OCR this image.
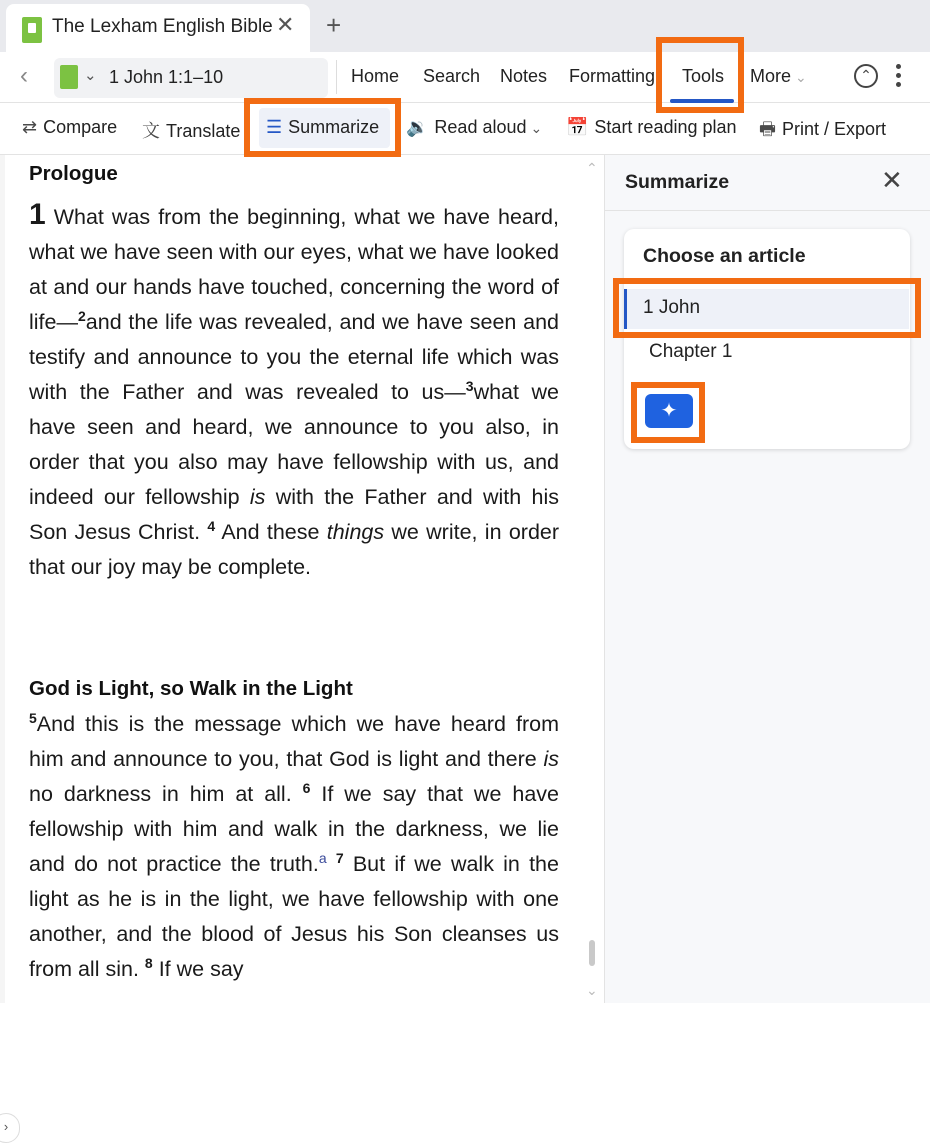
The Lexham English Bible ✕ +
‹	⌄ 1 John 1:1–10	Home Search Notes Formatting Tools More ⌄	⌃
⇄ Compare 文 Translate ☰ Summarize 🔉 Read aloud ⌄ 📅 Start reading plan 🖶 Print / Export
Prologue
1 What was from the beginning, what we have heard, what we have seen with our eyes, what we have looked at and our hands have touched, concerning the word of life—$^2$and the life was revealed, and we have seen and testify and announce to you the eternal life which was with the Father and was revealed to us—$^3$what we have seen and heard, we announce to you also, in order that you also may have fellowship with us, and indeed our fellowship is with the Father and with his Son Jesus Christ. $^4$ And these things we write, in order that our joy may be complete.
God is Light, so Walk in the Light
$^5$And this is the message which we have heard from him and announce to you, that God is light and there is no darkness in him at all. $^6$ If we say that we have fellowship with him and walk in the darkness, we lie and do not practice the truth.$^a$ $^7$ But if we walk in the light as he is in the light, we have fellowship with one another, and the blood of Jesus his Son cleanses us from all sin. $^8$ If we say
›
⌃
⌄
Summarize	✕
Choose an article
1 John
Chapter 1
✦
